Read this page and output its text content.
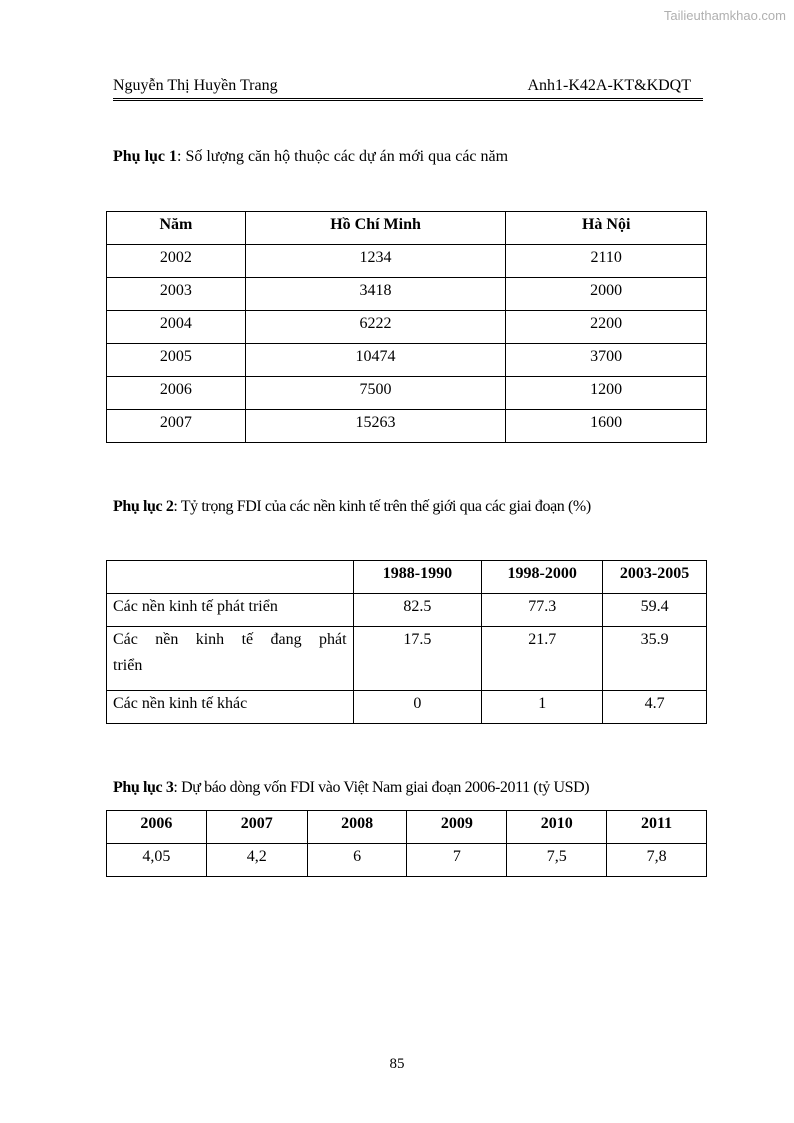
Tailieuthamkhao.com
Nguyễn Thị Huyền Trang	Anh1-K42A-KT&KDQT
Phụ lục 1: Số lượng căn hộ thuộc các dự án mới qua các năm
Năm	Hồ Chí Minh	Hà Nội
2002	1234	2110
2003	3418	2000
2004	6222	2200
2005	10474	3700
2006	7500	1200
2007	15263	1600
Phụ lục 2: Tỷ trọng FDI của các nền kinh tế trên thế giới qua các giai đoạn (%)
	1988-1990	1998-2000	2003-2005
Các nền kinh tế phát triển	82.5	77.3	59.4

Các nền kinh tế đang phát
triển	17.5	21.7	35.9
Các nền kinh tế khác	0	1	4.7
Phụ lục 3: Dự báo dòng vốn FDI vào Việt Nam giai đoạn 2006-2011 (tỷ USD)
2006	2007	2008	2009	2010	2011
4,05	4,2	6	7	7,5	7,8
85
